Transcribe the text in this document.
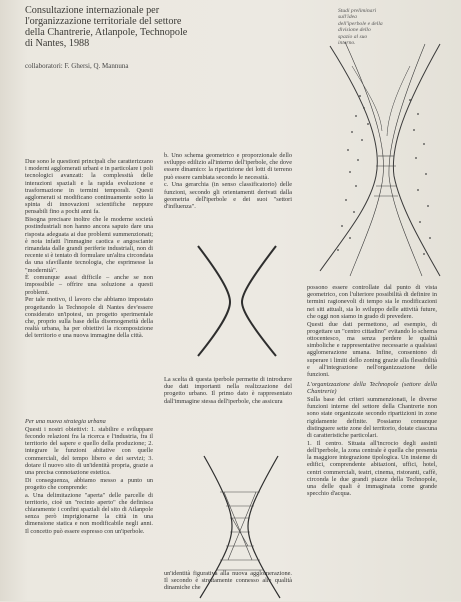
Consultazione internazionale per
l'organizzazione territoriale del settore
della Chantrerie, Atlanpole, Technopole
di Nantes, 1988
collaboratori: F. Ghersi, Q. Mannuna
Studi preliminari
sull'idea
dell'iperbole e della
divisione dello
spazio al suo
interno.

Due sono le questioni principali che caratterizzano i moderni agglomerati urbani e in particolare i poli tecnologici avanzati: la complessità delle interazioni spaziali e la rapida evoluzione e trasformazione in termini temporali. Questi agglomerati si modificano continuamente sotto la spinta di innovazioni scientifiche neppure pensabili fino a pochi anni fa.

Bisogna precisare inoltre che le moderne società postindustriali non hanno ancora saputo dare una risposta adeguata ai due problemi summenzionati; è nota infatti l'immagine caotica e angosciante rimandata dalle grandi periferie industriali, non di recente si è tentato di formulare un'altra circondata da una sfavillante tecnologia, che esprimesse la "modernità".

È comunque assai difficile – anche se non impossibile – offrire una soluzione a questi problemi.

Per tale motivo, il lavoro che abbiamo impostato progettando la Technopole di Nantes dev'essere considerato un'ipotesi, un progetto sperimentale che, proprio sulla base della disomogeneità della realtà urbana, ha per obiettivi la ricomposizione del territorio e una nuova immagine della città.

Per una nuova strategia urbana

Questi i nostri obiettivi: 1. stabilire e sviluppare fecondo relazioni fra la ricerca e l'industria, fra il territorio del sapere e quello della produzione; 2. integrare le funzioni abitative con quelle commerciali, del tempo libero e dei servizi; 3. dotare il nuovo sito di un'identità propria, grazie a una precisa connotazione estetica.

Di conseguenza, abbiamo messo a punto un progetto che comprende:

a. Una delimitazione "aperta" delle parcelle di territorio, cioè un "recinto aperto" che definisca chiaramente i confini spaziali del sito di Atlanpole senza però imprigionarne la città in una dimensione statica e non modificabile negli anni. Il concetto può essere espresso con un'iperbole.

b. Uno schema geometrico e proporzionale dello sviluppo edilizio all'interno dell'iperbole, che dove essere dinamico: la ripartizione dei lotti di terreno può essere cambiata secondo le necessità.

c. Una gerarchia (in senso classificatorio) delle funzioni, secondo gli orientamenti derivati dalla geometria dell'iperbole e dei suoi "settori d'influenza".

La scelta di questa iperbole permette di introdurre due dati importanti nella realizzazione del progetto urbano. Il primo dato è rappresentato dall'immagine stessa dell'iperbole, che assicura

un'identità figurativa alla nuova agglomerazione. Il secondo è strettamente connesso alle qualità dinamiche che

possono essere controllate dal punto di vista geometrico, con l'ulteriore possibilità di definire in termini ragionevoli di tempo sia le modificazioni nei siti attuali, sia lo sviluppo delle attività future, che oggi non siamo in grado di prevedere.

Questi due dati permettono, ad esempio, di progettare un "centro cittadino" evitando lo schema ottocentesco, ma senza perdere le qualità simboliche e rappresentative necessarie a qualsiasi agglomerazione umana. Infine, consentono di superare i limiti dello zoning grazie alla flessibilità e all'integrazione nell'organizzazione delle funzioni.

L'organizzazione della Technopole (settore della Chantrerie)

Sulla base dei criteri summenzionati, le diverse funzioni interne del settore della Chantrerie non sono state organizzate secondo ripartizioni in zone rigidamente definite. Possiamo comunque distinguere sette zone del territorio, dotate ciascuna di caratteristiche particolari.

1. Il centro. Situata all'incrocio degli assinti dell'iperbole, la zona centrale è quella che presenta la maggiore integrazione tipologica. Un insieme di edifici, comprendente abitazioni, uffici, hotel, centri commerciali, teatri, cinema, ristoranti, caffè, circonda le due grandi piazze della Technopole, una delle quali è immaginata come grande specchio d'acqua.
